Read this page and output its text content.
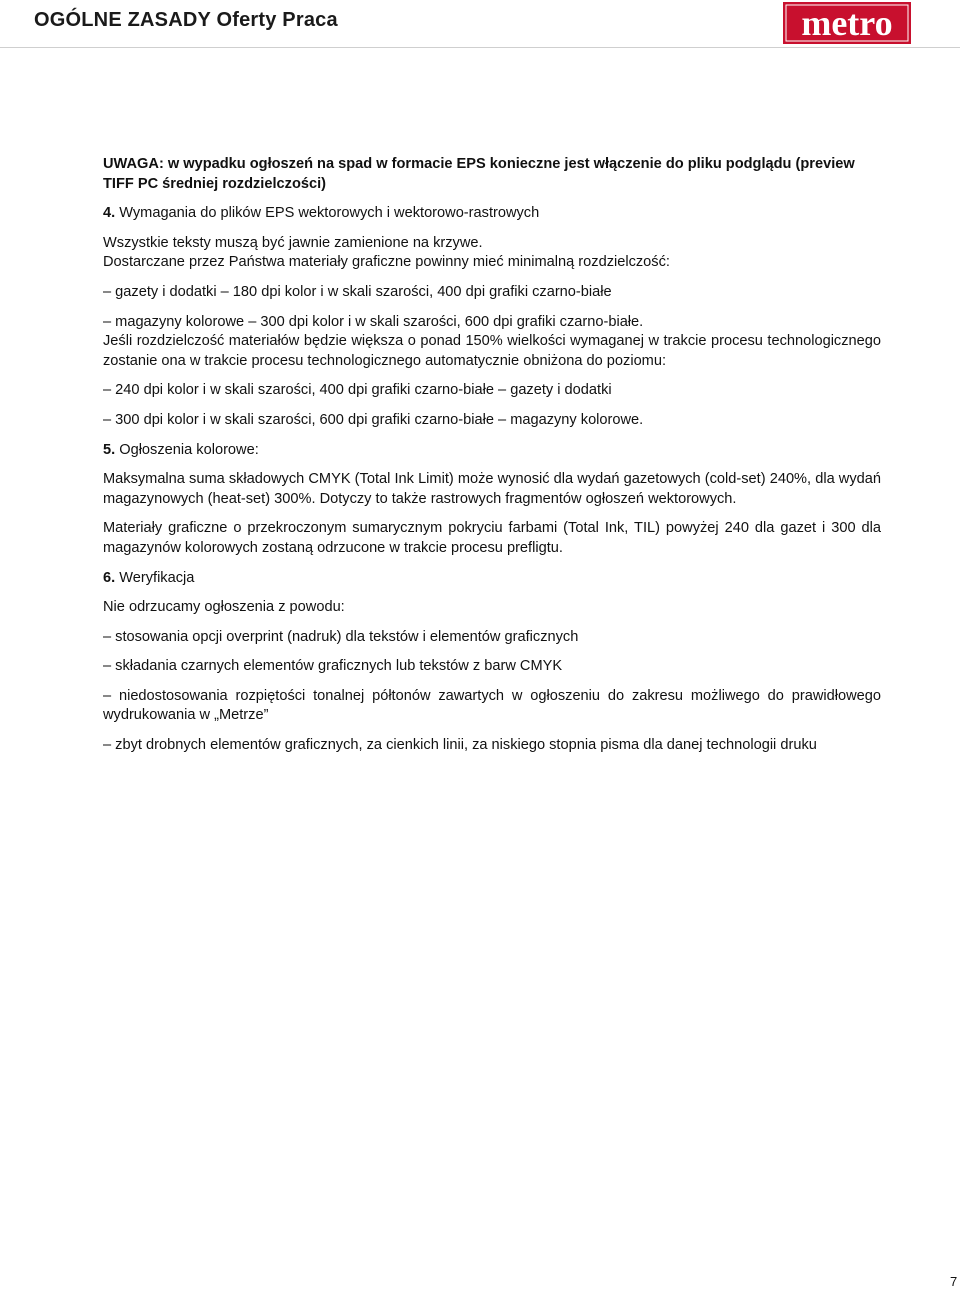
OGÓLNE ZASADY Oferty Praca	metro

UWAGA: w wypadku ogłoszeń na spad w formacie EPS konieczne jest włączenie do pliku podglądu (preview TIFF PC średniej rozdzielczości)

4. Wymagania do plików EPS wektorowych i wektorowo-rastrowych

Wszystkie teksty muszą być jawnie zamienione na krzywe.

Dostarczane przez Państwa materiały graficzne powinny mieć minimalną rozdzielczość:

– gazety i dodatki – 180 dpi kolor i w skali szarości, 400 dpi grafiki czarno-białe

– magazyny kolorowe – 300 dpi kolor i w skali szarości, 600 dpi grafiki czarno-białe.

Jeśli rozdzielczość materiałów będzie większa o ponad 150% wielkości wymaganej w trakcie procesu technologicznego zostanie ona w trakcie procesu technologicznego automatycznie obniżona do poziomu:

– 240 dpi kolor i w skali szarości, 400 dpi grafiki czarno-białe – gazety i dodatki

– 300 dpi kolor i w skali szarości, 600 dpi grafiki czarno-białe – magazyny kolorowe.

5. Ogłoszenia kolorowe:

Maksymalna suma składowych CMYK (Total Ink Limit) może wynosić dla wydań gazetowych (cold-set) 240%, dla wydań magazynowych (heat-set) 300%. Dotyczy to także rastrowych fragmentów ogłoszeń wektorowych.

Materiały graficzne o przekroczonym sumarycznym pokryciu farbami (Total Ink, TIL) powyżej 240 dla gazet i 300 dla magazynów kolorowych zostaną odrzucone w trakcie procesu prefligtu.

6. Weryfikacja

Nie odrzucamy ogłoszenia z powodu:

– stosowania opcji overprint (nadruk) dla tekstów i elementów graficznych

– składania czarnych elementów graficznych lub tekstów z barw CMYK

– niedostosowania rozpiętości tonalnej półtonów zawartych w ogłoszeniu do zakresu możliwego do prawidłowego wydrukowania w „Metrze”

– zbyt drobnych elementów graficznych, za cienkich linii, za niskiego stopnia pisma dla danej technologii druku

7
